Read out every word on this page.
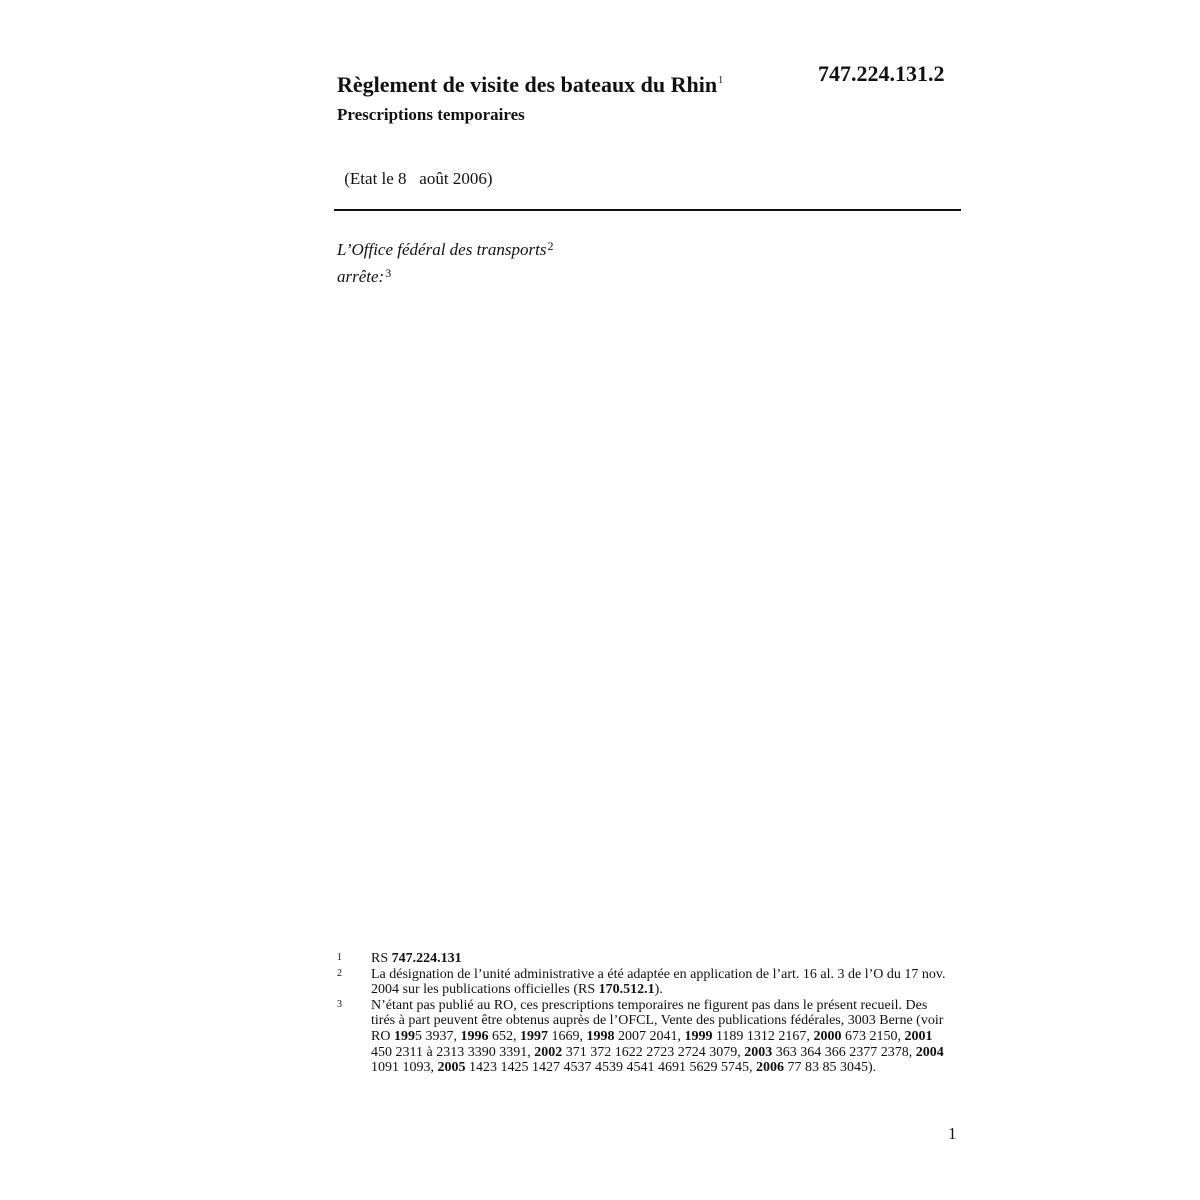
Règlement de visite des bateaux du Rhin$^1$	747.224.131.2
Prescriptions temporaires
(Etat le 8   août 2006)
L’Office fédéral des transports$^2$
arrête:$^3$
1	RS 747.224.131
2	La désignation de l’unité administrative a été adaptée en application de l’art. 16 al. 3 de l’O du 17 nov. 2004 sur les publications officielles (RS 170.512.1).
3	N’étant pas publié au RO, ces prescriptions temporaires ne figurent pas dans le présent recueil. Des tirés à part peuvent être obtenus auprès de l’OFCL, Vente des publications fédérales, 3003 Berne (voir RO 1995 3937, 1996 652, 1997 1669, 1998 2007 2041, 1999 1189 1312 2167, 2000 673 2150, 2001 450 2311 à 2313 3390 3391, 2002 371 372 1622 2723 2724 3079, 2003 363 364 366 2377 2378, 2004 1091 1093, 2005 1423 1425 1427 4537 4539 4541 4691 5629 5745, 2006 77 83 85 3045).
1
